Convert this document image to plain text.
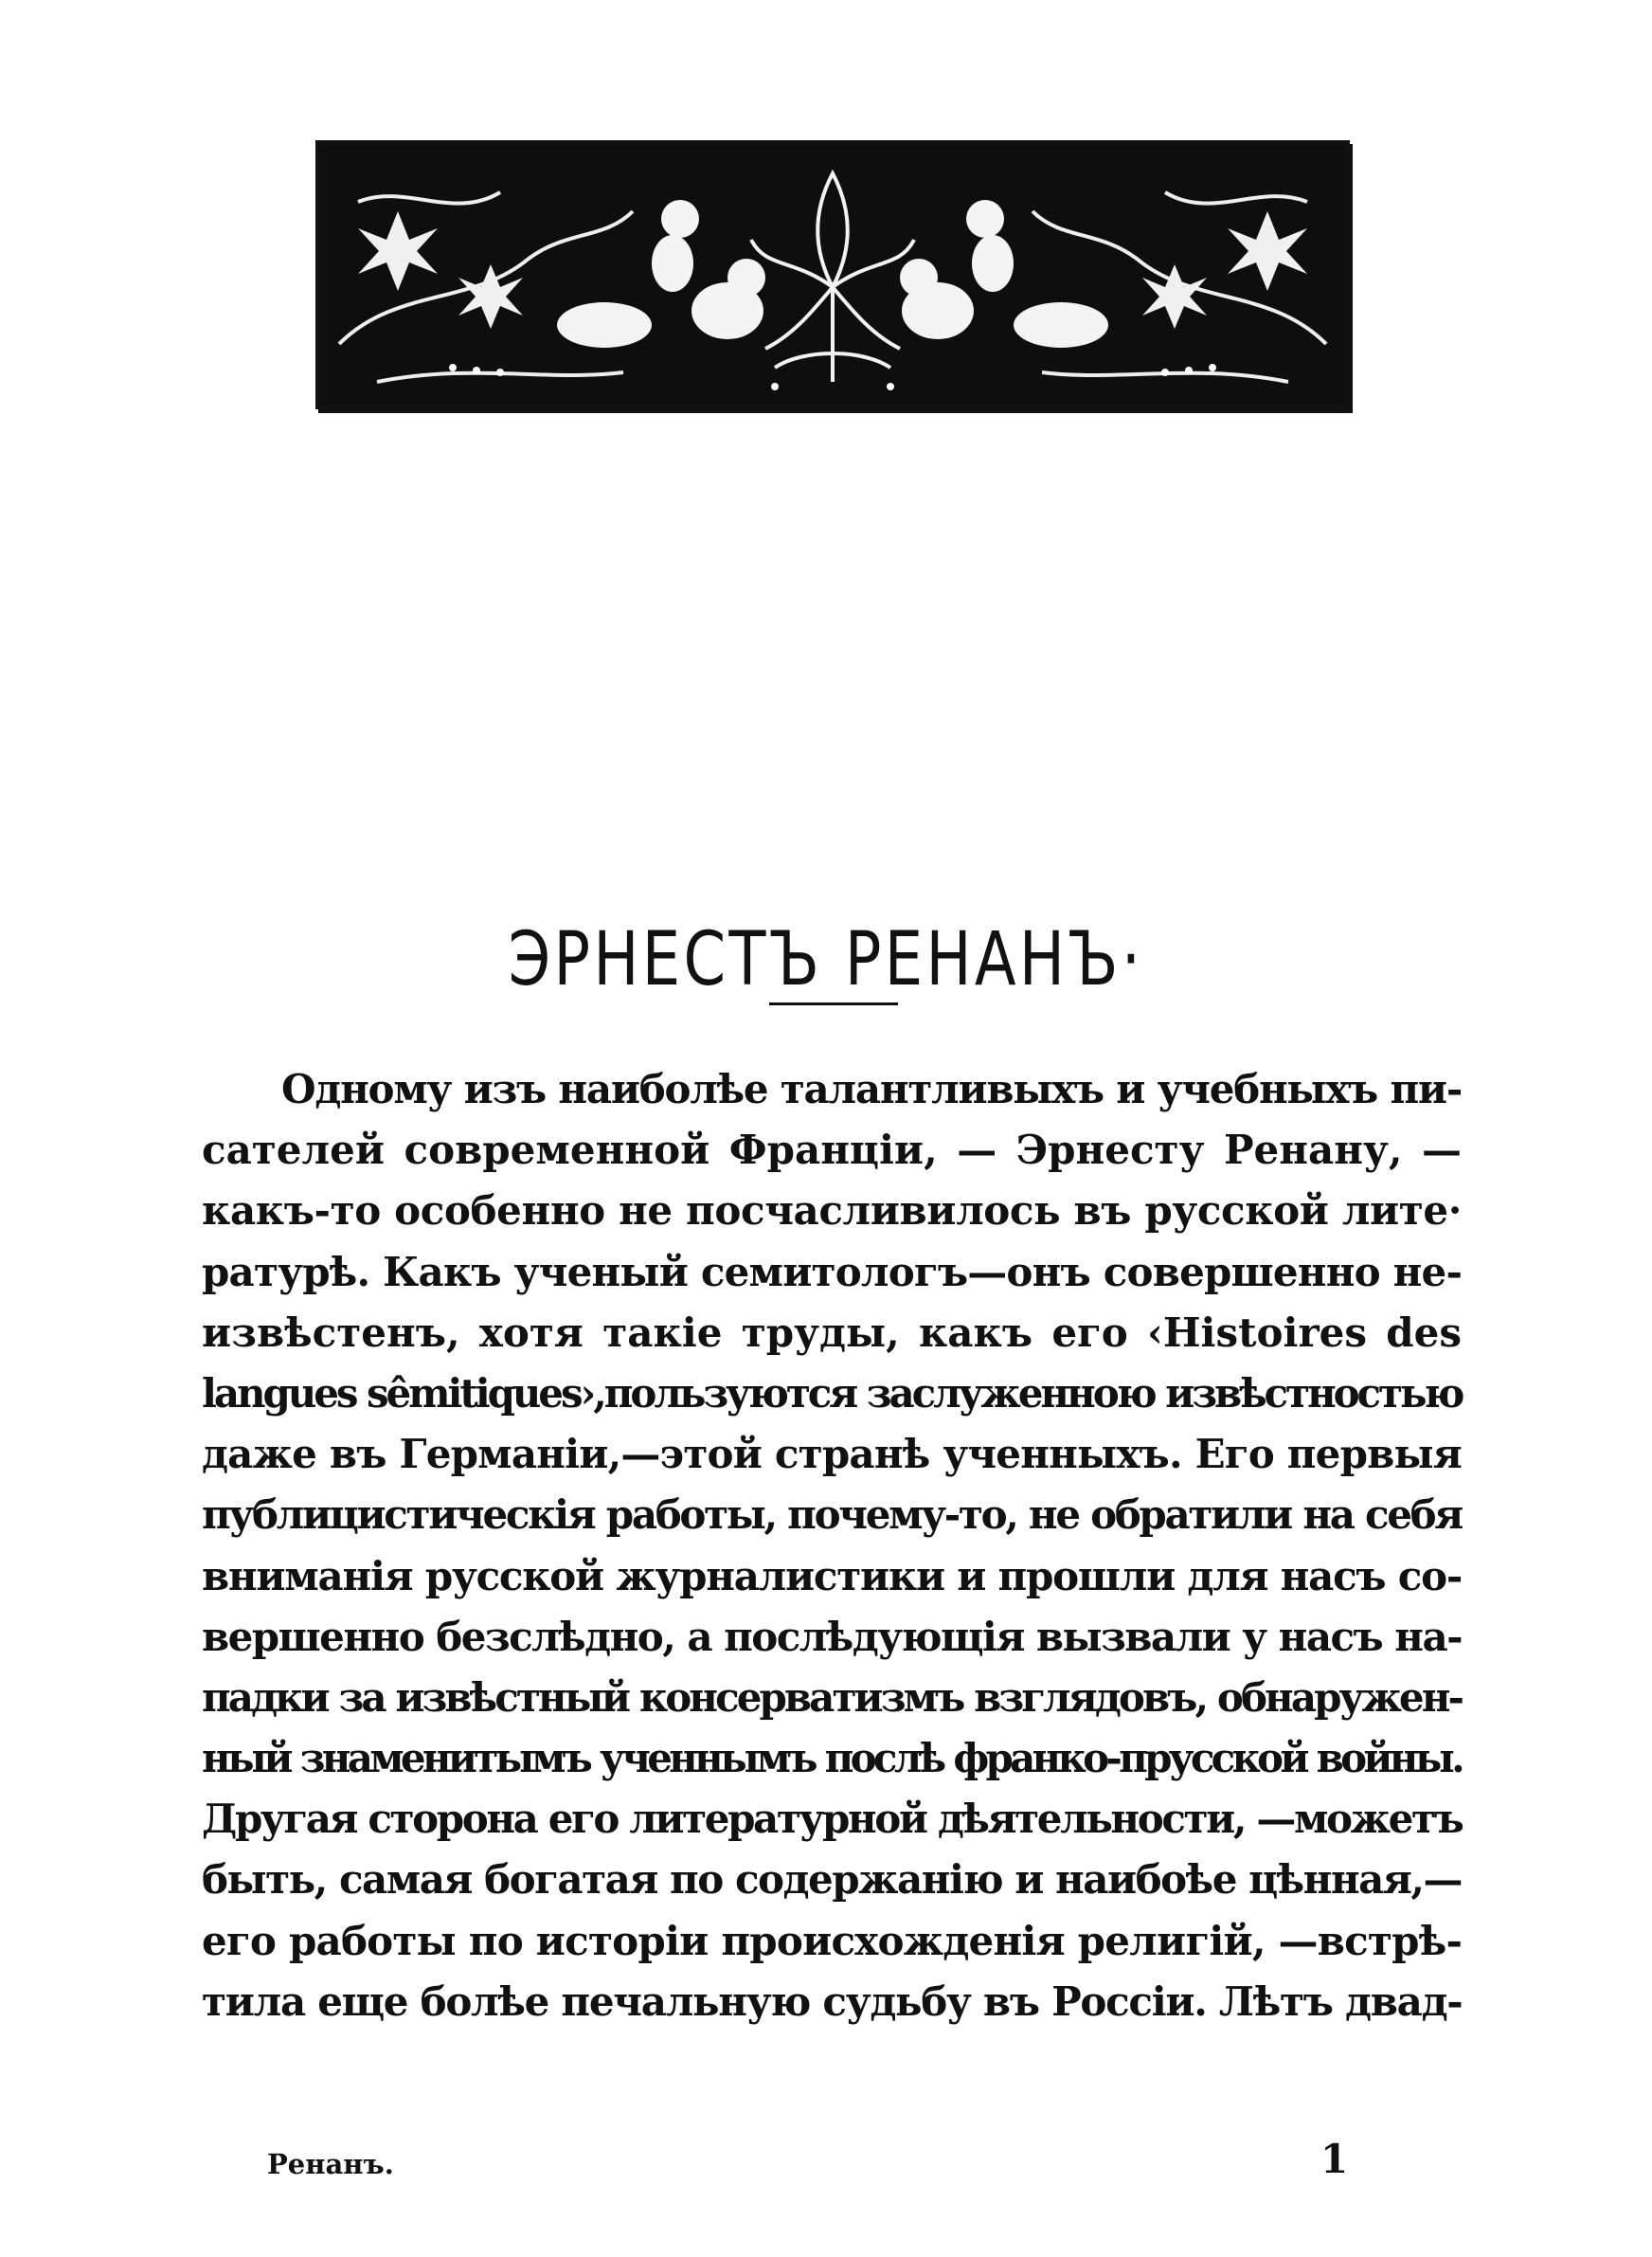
ЭРНЕСТЪ РЕНАНЪ·
Одному изъ наиболѣе талантливыхъ и учебныхъ пи-
сателей современной Франціи, — Эрнесту Ренану, —
какъ-то особенно не посчасливилось въ русской лите·
ратурѣ. Какъ ученый семитологъ—онъ совершенно не-
извѣстенъ, хотя такіе труды, какъ его ‹Histoires des
langues sêmitiques›,пользуются заслуженною извѣстностью
даже въ Германіи,—этой странѣ ученныхъ. Его первыя
публицистическія работы, почему-то, не обратили на себя
вниманія русской журналистики и прошли для насъ со-
вершенно безслѣдно, а послѣдующія вызвали у насъ на-
падки за извѣстный консерватизмъ взглядовъ, обнаружен-
ный знаменитымъ ученнымъ послѣ франко-прусской войны.
Другая сторона его литературной дѣятельности, —можетъ
быть, самая богатая по содержанію и наибоѣе цѣнная,—
его работы по исторіи происхожденія религій, —встрѣ-
тила еще болѣе печальную судьбу въ Россіи. Лѣтъ двад-
Ренанъ.	1
